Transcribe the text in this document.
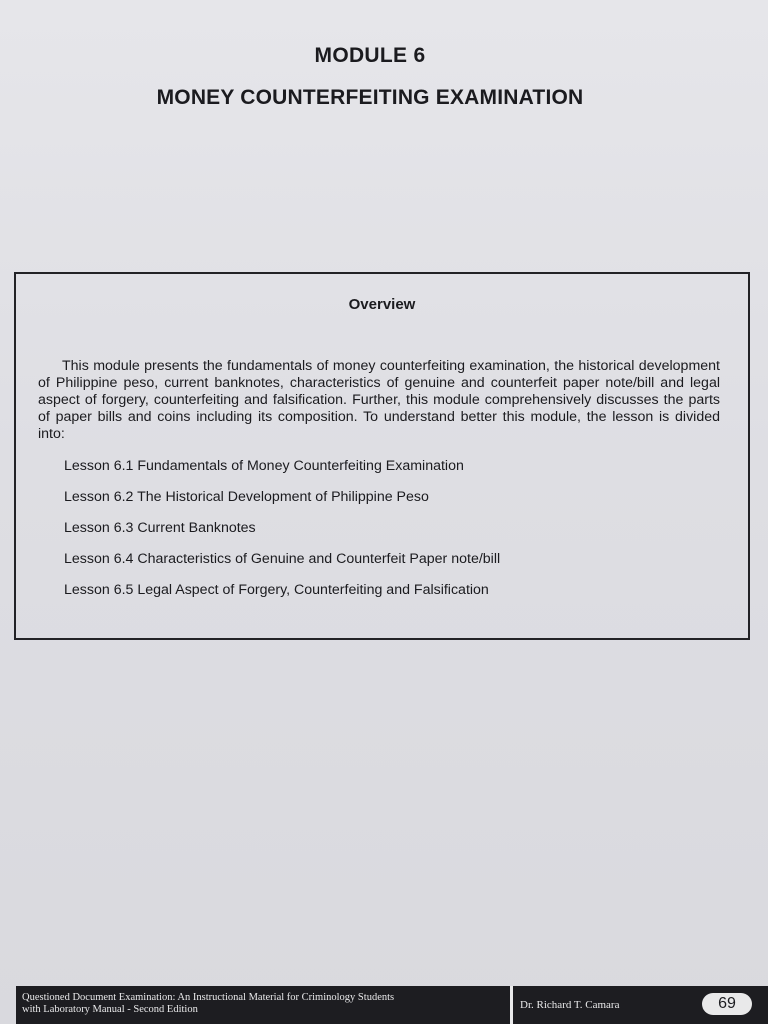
MODULE 6
MONEY COUNTERFEITING EXAMINATION
Overview
This module presents the fundamentals of money counterfeiting examination, the historical development of Philippine peso, current banknotes, characteristics of genuine and counterfeit paper note/bill and legal aspect of forgery, counterfeiting and falsification. Further, this module comprehensively discusses the parts of paper bills and coins including its composition. To understand better this module, the lesson is divided into:
Lesson 6.1 Fundamentals of Money Counterfeiting Examination
Lesson 6.2 The Historical Development of Philippine Peso
Lesson 6.3 Current Banknotes
Lesson 6.4 Characteristics of Genuine and Counterfeit Paper note/bill
Lesson 6.5 Legal Aspect of Forgery, Counterfeiting and Falsification
Questioned Document Examination: An Instructional Material for Criminology Students
with Laboratory Manual - Second Edition	Dr. Richard T. Camara	69
